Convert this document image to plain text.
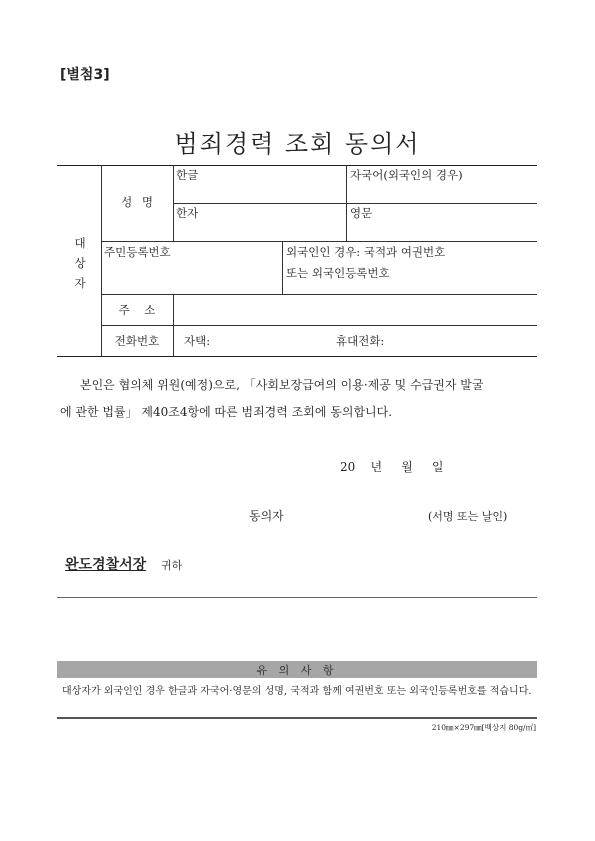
[별첨3]
범죄경력 조회 동의서
대
상
자
성 명
한글	자국어(외국인의 경우)
한자	영문
주민등록번호	외국인인 경우: 국적과 여권번호
또는 외국인등록번호
주    소
전화번호	자택:	휴대전화:
본인은 협의체 위원(예정)으로, 「사회보장급여의 이용·제공 및 수급권자 발굴
에 관한 법률」 제40조4항에 따른 범죄경력 조회에 동의합니다.
20    년     월     일
동의자	(서명 또는 날인)
완도경찰서장 귀하
유 의 사 항
대상자가 외국인인 경우 한글과 자국어·영문의 성명, 국적과 함께 여권번호 또는 외국인등록번호를 적습니다.
210㎜×297㎜[백상지 80g/㎡]
